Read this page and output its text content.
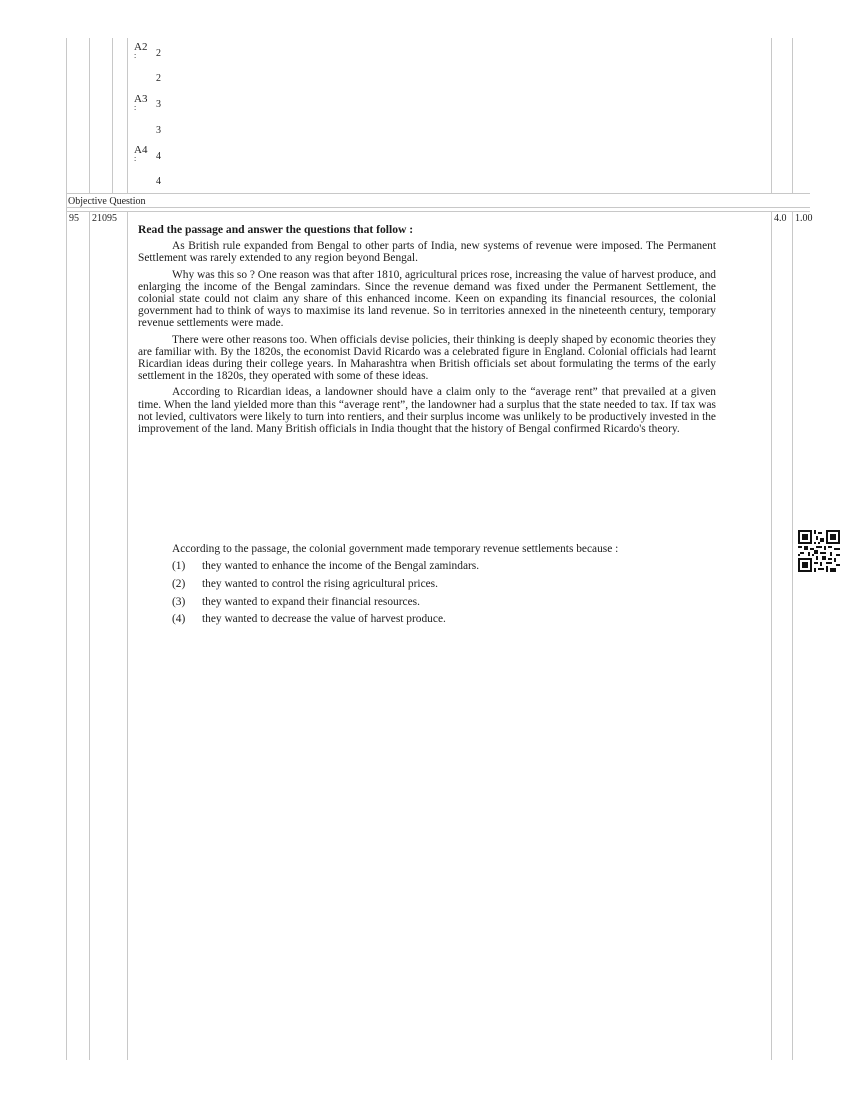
A2
:	2
2
A3
:	3
3
A4
:	4
4
Objective Question
95 21095	4.0 1.00
Read the passage and answer the questions that follow :

As British rule expanded from Bengal to other parts of India, new systems of revenue were imposed. The Permanent Settlement was rarely extended to any region beyond Bengal.

Why was this so ? One reason was that after 1810, agricultural prices rose, increasing the value of harvest produce, and enlarging the income of the Bengal zamindars. Since the revenue demand was fixed under the Permanent Settlement, the colonial state could not claim any share of this enhanced income. Keen on expanding its financial resources, the colonial government had to think of ways to maximise its land revenue. So in territories annexed in the nineteenth century, temporary revenue settlements were made.

There were other reasons too. When officials devise policies, their thinking is deeply shaped by economic theories they are familiar with. By the 1820s, the economist David Ricardo was a celebrated figure in England. Colonial officials had learnt Ricardian ideas during their college years. In Maharashtra when British officials set about formulating the terms of the early settlement in the 1820s, they operated with some of these ideas.

According to Ricardian ideas, a landowner should have a claim only to the “average rent” that prevailed at a given time. When the land yielded more than this “average rent”, the landowner had a surplus that the state needed to tax. If tax was not levied, cultivators were likely to turn into rentiers, and their surplus income was unlikely to be productively invested in the improvement of the land. Many British officials in India thought that the history of Bengal confirmed Ricardo's theory.

According to the passage, the colonial government made temporary revenue settlements because :
(1)	they wanted to enhance the income of the Bengal zamindars.
(2)	they wanted to control the rising agricultural prices.
(3)	they wanted to expand their financial resources.
(4)	they wanted to decrease the value of harvest produce.
